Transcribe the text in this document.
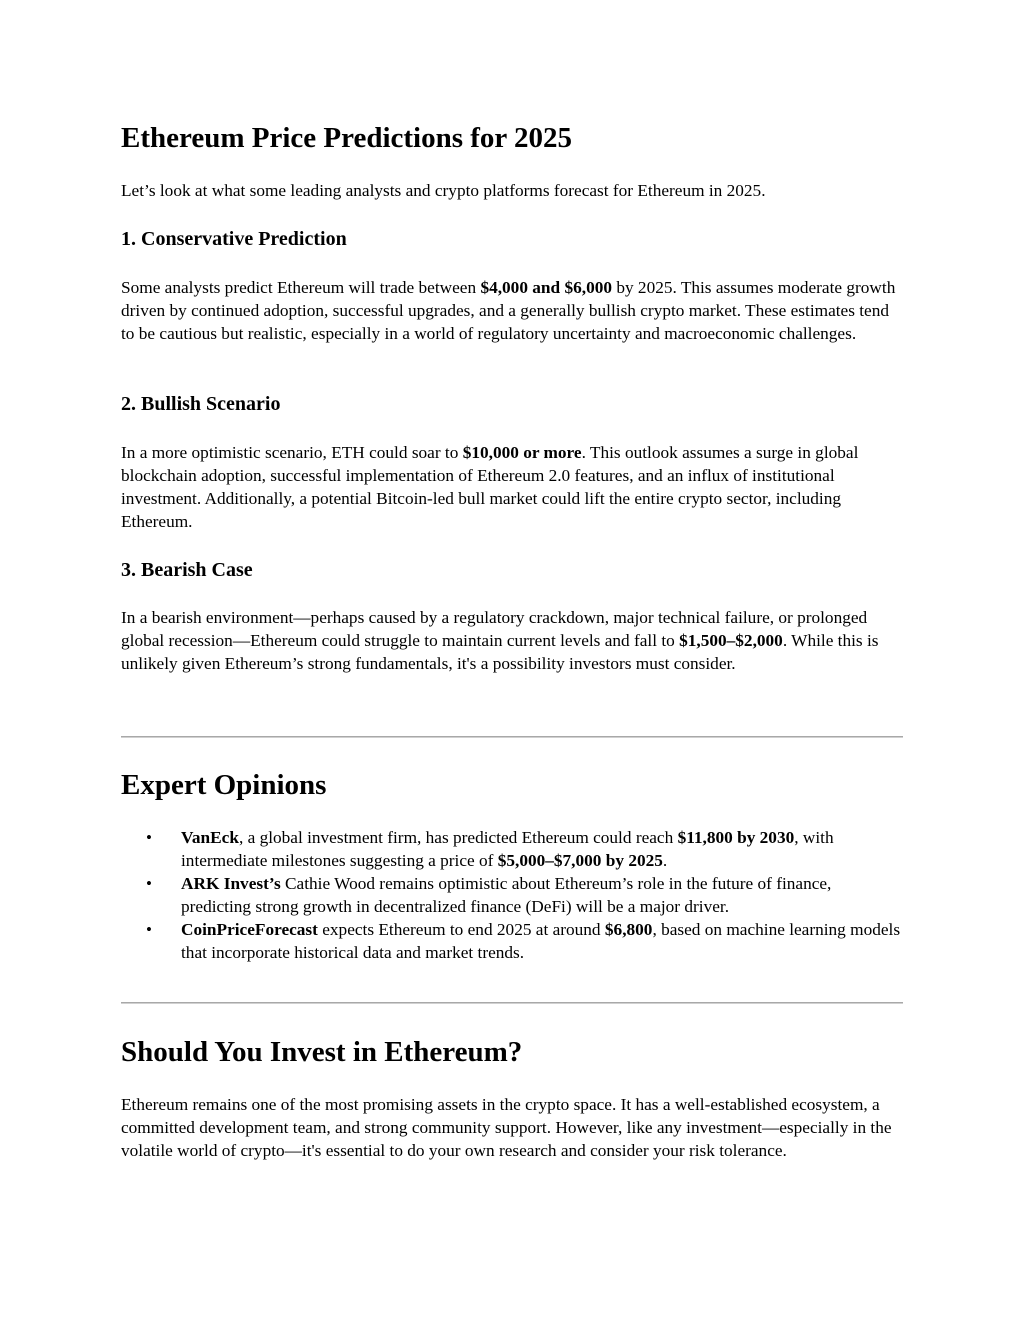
Ethereum Price Predictions for 2025

Let’s look at what some leading analysts and crypto platforms forecast for Ethereum in 2025.

1. Conservative Prediction

Some analysts predict Ethereum will trade between $4,000 and $6,000 by 2025. This assumes moderate growth driven by continued adoption, successful upgrades, and a generally bullish crypto market. These estimates tend to be cautious but realistic, especially in a world of regulatory uncertainty and macroeconomic challenges.

2. Bullish Scenario

In a more optimistic scenario, ETH could soar to $10,000 or more. This outlook assumes a surge in global blockchain adoption, successful implementation of Ethereum 2.0 features, and an influx of institutional investment. Additionally, a potential Bitcoin-led bull market could lift the entire crypto sector, including Ethereum.

3. Bearish Case

In a bearish environment—perhaps caused by a regulatory crackdown, major technical failure, or prolonged global recession—Ethereum could struggle to maintain current levels and fall to $1,500–$2,000. While this is unlikely given Ethereum’s strong fundamentals, it's a possibility investors must consider.

Expert Opinions
• VanEck, a global investment firm, has predicted Ethereum could reach $11,800 by 2030, with intermediate milestones suggesting a price of $5,000–$7,000 by 2025.
• ARK Invest’s Cathie Wood remains optimistic about Ethereum’s role in the future of finance, predicting strong growth in decentralized finance (DeFi) will be a major driver.
• CoinPriceForecast expects Ethereum to end 2025 at around $6,800, based on machine learning models that incorporate historical data and market trends.
Should You Invest in Ethereum?

Ethereum remains one of the most promising assets in the crypto space. It has a well-established ecosystem, a committed development team, and strong community support. However, like any investment—especially in the volatile world of crypto—it's essential to do your own research and consider your risk tolerance.
